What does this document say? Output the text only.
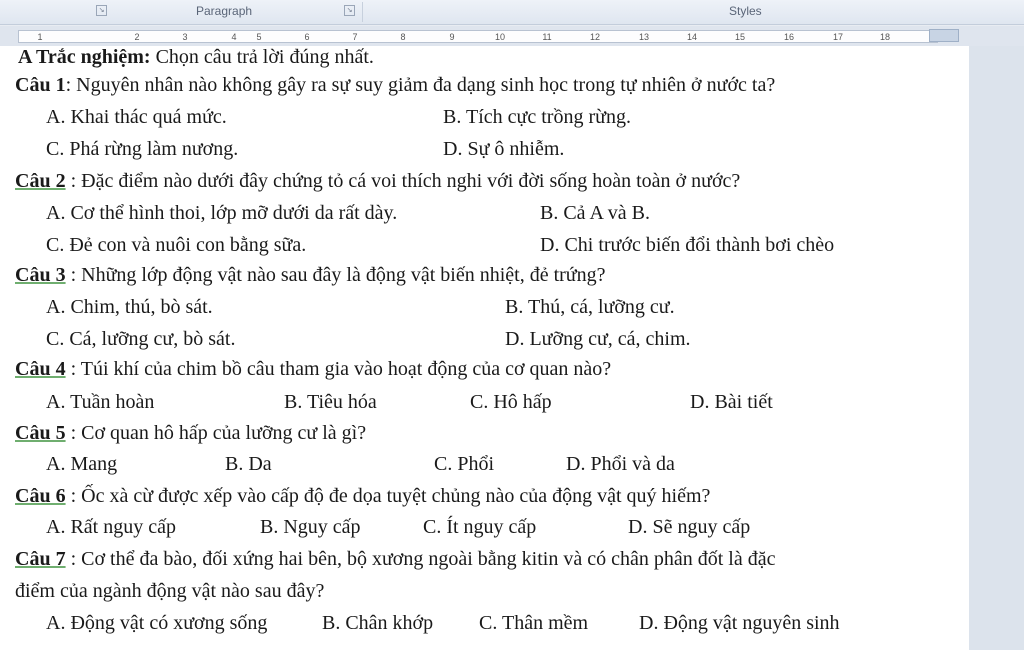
↘	Paragraph	↘	Styles
1	2	3	4 5	6	7	8	9	10	11	12	13	14	15	16	17	18
A Trắc nghiệm: Chọn câu trả lời đúng nhất.
Câu 1: Nguyên nhân nào không gây ra sự suy giảm đa dạng sinh học trong tự nhiên ở nước ta?
A. Khai thác quá mức.	B. Tích cực trồng rừng.
C. Phá rừng làm nương.	D. Sự ô nhiễm.
Câu 2 : Đặc điểm nào dưới đây chứng tỏ cá voi thích nghi với đời sống hoàn toàn ở nước?
A. Cơ thể hình thoi, lớp mỡ dưới da rất dày.	B. Cả A và B.
C. Đẻ con và nuôi con bằng sữa.	D. Chi trước biến đổi thành bơi chèo
Câu 3 : Những lớp động vật nào sau đây là động vật biến nhiệt, đẻ trứng?
A. Chim, thú, bò sát.	B. Thú, cá, lưỡng cư.
C. Cá, lưỡng cư, bò sát.	D. Lưỡng cư, cá, chim.
Câu 4 : Túi khí của chim bồ câu tham gia vào hoạt động của cơ quan nào?
A. Tuần hoàn	B. Tiêu hóa	C. Hô hấp	D. Bài tiết
Câu 5 : Cơ quan hô hấp của lưỡng cư là gì?
A. Mang	B. Da	C. Phổi	D. Phổi và da
Câu 6 : Ốc xà cừ được xếp vào cấp độ đe dọa tuyệt chủng nào của động vật quý hiếm?
A. Rất nguy cấp	B. Nguy cấp	C. Ít nguy cấp	D. Sẽ nguy cấp
Câu 7 : Cơ thể đa bào, đối xứng hai bên, bộ xương ngoài bằng kitin và có chân phân đốt là đặc
điểm của ngành động vật nào sau đây?
A. Động vật có xương sống	B. Chân khớp C. Thân mềm	D. Động vật nguyên sinh
